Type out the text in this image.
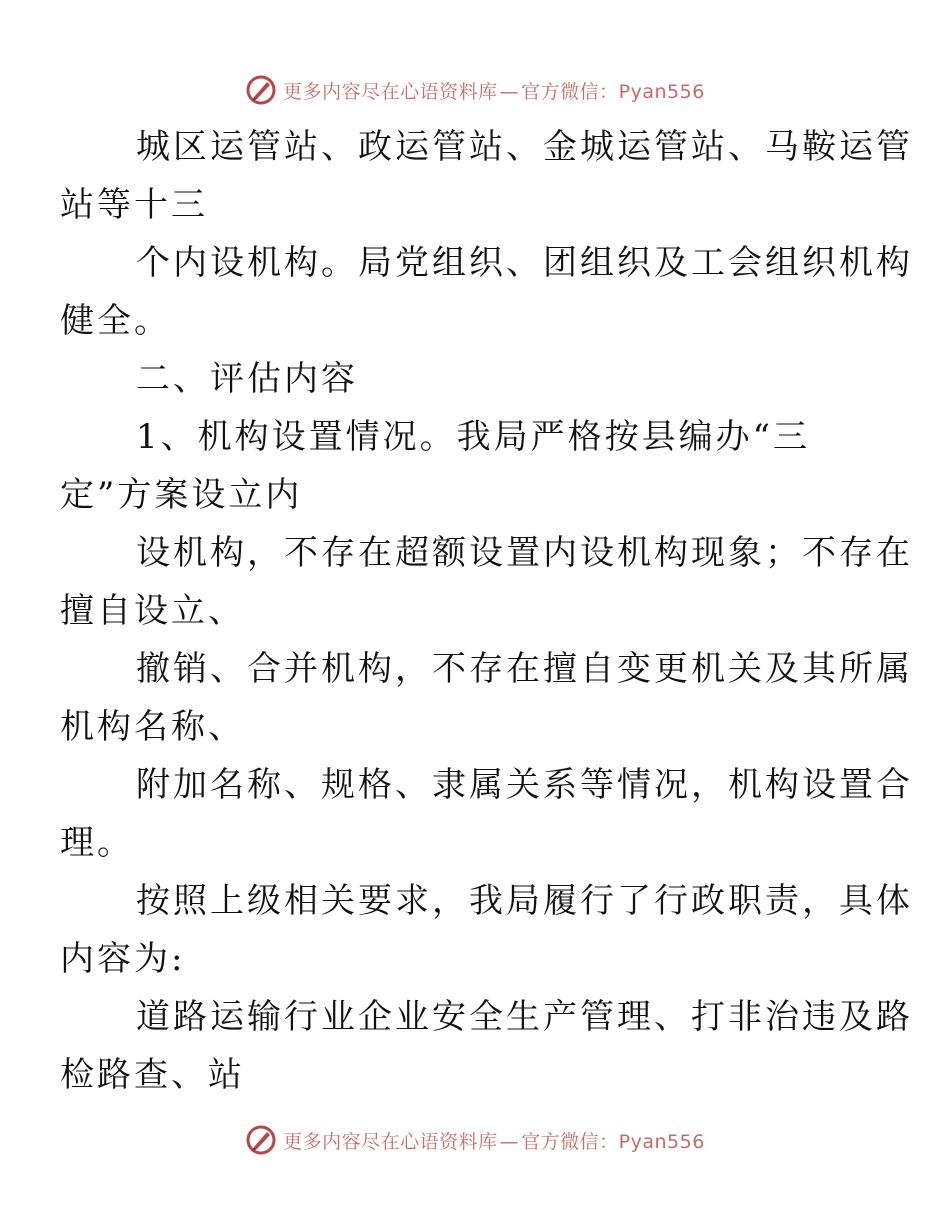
更多内容尽在心语资料库 — 官方微信：Pyan556

城区运管站、政运管站、金城运管站、马鞍运管
站等十三

个内设机构。局党组织、团组织及工会组织机构
健全。

二、评估内容

1、机构设置情况。我局严格按县编办“三
定”方案设立内

设机构，不存在超额设置内设机构现象；不存在
擅自设立、

撤销、合并机构，不存在擅自变更机关及其所属
机构名称、

附加名称、规格、隶属关系等情况，机构设置合
理。

按照上级相关要求，我局履行了行政职责，具体
内容为:

道路运输行业企业安全生产管理、打非治违及路
检路查、站

更多内容尽在心语资料库 — 官方微信：Pyan556
